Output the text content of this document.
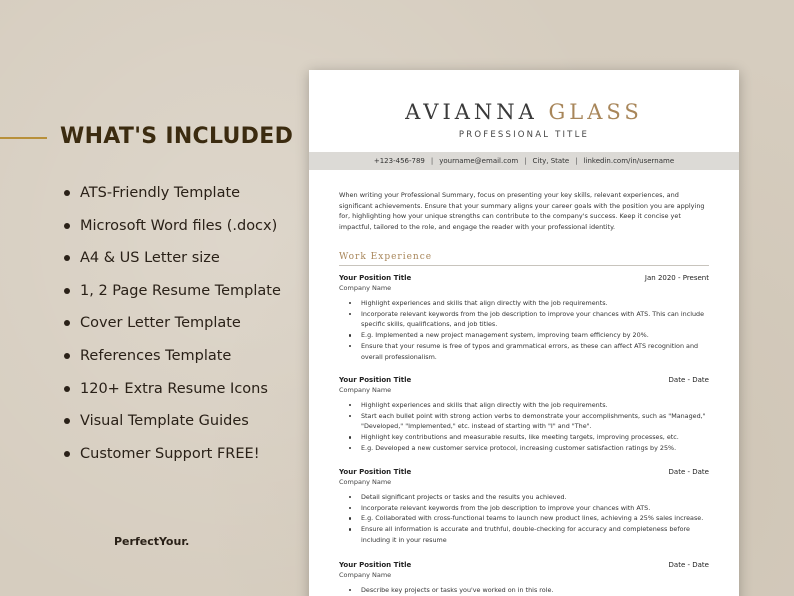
WHAT'S INCLUDED
ATS-Friendly Template
Microsoft Word files (.docx)
A4 & US Letter size
1, 2 Page Resume Template
Cover Letter Template
References Template
120+ Extra Resume Icons
Visual Template Guides
Customer Support FREE!
PerfectYour.
AVIANNA GLASS
PROFESSIONAL TITLE
+123-456-789 | yourname@email.com | City, State | linkedin.com/in/username

When writing your Professional Summary, focus on presenting your key skills, relevant experiences, and significant achievements. Ensure that your summary aligns your career goals with the position you are applying for, highlighting how your unique strengths can contribute to the company's success. Keep it concise yet impactful, tailored to the role, and engage the reader with your professional identity.

Work Experience
Your Position Title	Jan 2020 - Present
Company Name
Highlight experiences and skills that align directly with the job requirements.
Incorporate relevant keywords from the job description to improve your chances with ATS. This can include specific skills, qualifications, and job titles.
E.g. Implemented a new project management system, improving team efficiency by 20%.
Ensure that your resume is free of typos and grammatical errors, as these can affect ATS recognition and overall professionalism.
Your Position Title	Date - Date
Company Name
Highlight experiences and skills that align directly with the job requirements.
Start each bullet point with strong action verbs to demonstrate your accomplishments, such as "Managed," "Developed," "Implemented," etc. instead of starting with "I" and "The".
Highlight key contributions and measurable results, like meeting targets, improving processes, etc.
E.g. Developed a new customer service protocol, increasing customer satisfaction ratings by 25%.
Your Position Title	Date - Date
Company Name
Detail significant projects or tasks and the results you achieved.
Incorporate relevant keywords from the job description to improve your chances with ATS.
E.g. Collaborated with cross-functional teams to launch new product lines, achieving a 25% sales increase.
Ensure all information is accurate and truthful, double-checking for accuracy and completeness before including it in your resume
Your Position Title	Date - Date
Company Name
Describe key projects or tasks you've worked on in this role.
